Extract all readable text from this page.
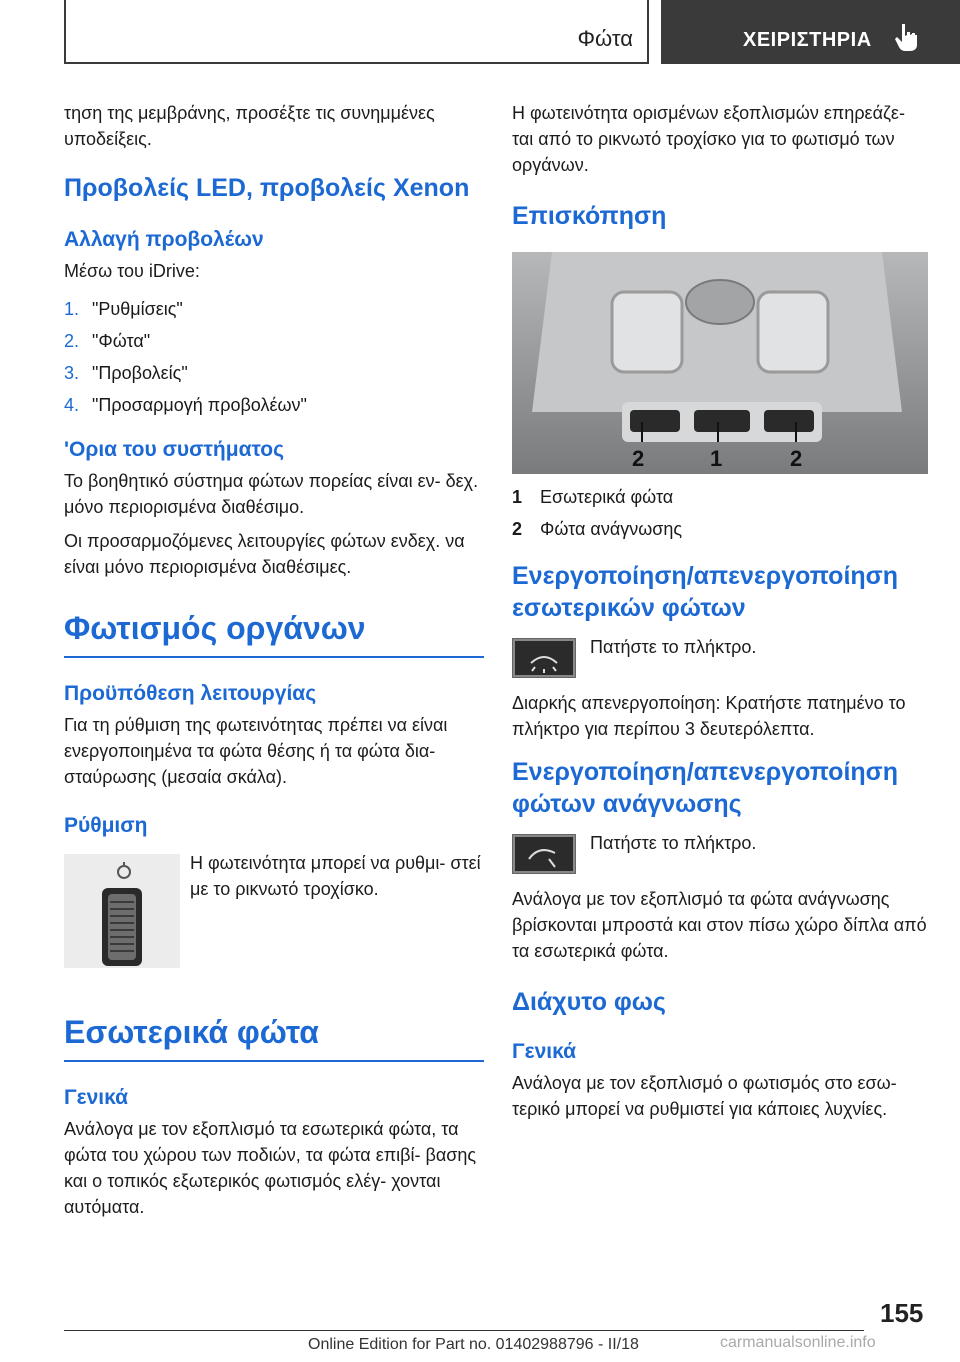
Φώτα	ΧΕΙΡΙΣΤΗΡΙΑ

τηση της μεμβράνης, προσέξτε τις συνημμένες υποδείξεις.

Προβολείς LED, προβολείς Xenon

Αλλαγή προβολέων

Μέσω του iDrive:

1. "Ρυθμίσεις"
2. "Φώτα"
3. "Προβολείς"
4. "Προσαρμογή προβολέων"

'Ορια του συστήματος

Το βοηθητικό σύστημα φώτων πορείας είναι εν- δεχ. μόνο περιορισμένα διαθέσιμο.

Οι προσαρμοζόμενες λειτουργίες φώτων ενδεχ. να είναι μόνο περιορισμένα διαθέσιμες.

Φωτισμός οργάνων

Προϋπόθεση λειτουργίας

Για τη ρύθμιση της φωτεινότητας πρέπει να είναι ενεργοποιημένα τα φώτα θέσης ή τα φώτα δια- σταύρωσης (μεσαία σκάλα).

Ρύθμιση

Η φωτεινότητα μπορεί να ρυθμι- στεί με το ρικνωτό τροχίσκο.

Εσωτερικά φώτα

Γενικά

Ανάλογα με τον εξοπλισμό τα εσωτερικά φώτα, τα φώτα του χώρου των ποδιών, τα φώτα επιβί- βασης και ο τοπικός εξωτερικός φωτισμός ελέγ- χονται αυτόματα.

Η φωτεινότητα ορισμένων εξοπλισμών επηρεάζε- ται από το ρικνωτό τροχίσκο για το φωτισμό των οργάνων.

Επισκόπηση

2	1	2
1 Εσωτερικά φώτα
2 Φώτα ανάγνωσης

Ενεργοποίηση/απενεργοποίηση εσωτερικών φώτων

Πατήστε το πλήκτρο.

Διαρκής απενεργοποίηση: Κρατήστε πατημένο το πλήκτρο για περίπου 3 δευτερόλεπτα.

Ενεργοποίηση/απενεργοποίηση φώτων ανάγνωσης

Πατήστε το πλήκτρο.

Ανάλογα με τον εξοπλισμό τα φώτα ανάγνωσης βρίσκονται μπροστά και στον πίσω χώρο δίπλα από τα εσωτερικά φώτα.

Διάχυτο φως

Γενικά

Ανάλογα με τον εξοπλισμό ο φωτισμός στο εσω- τερικό μπορεί να ρυθμιστεί για κάποιες λυχνίες.

155
Online Edition for Part no. 01402988796 - II/18	carmanualsonline.info
